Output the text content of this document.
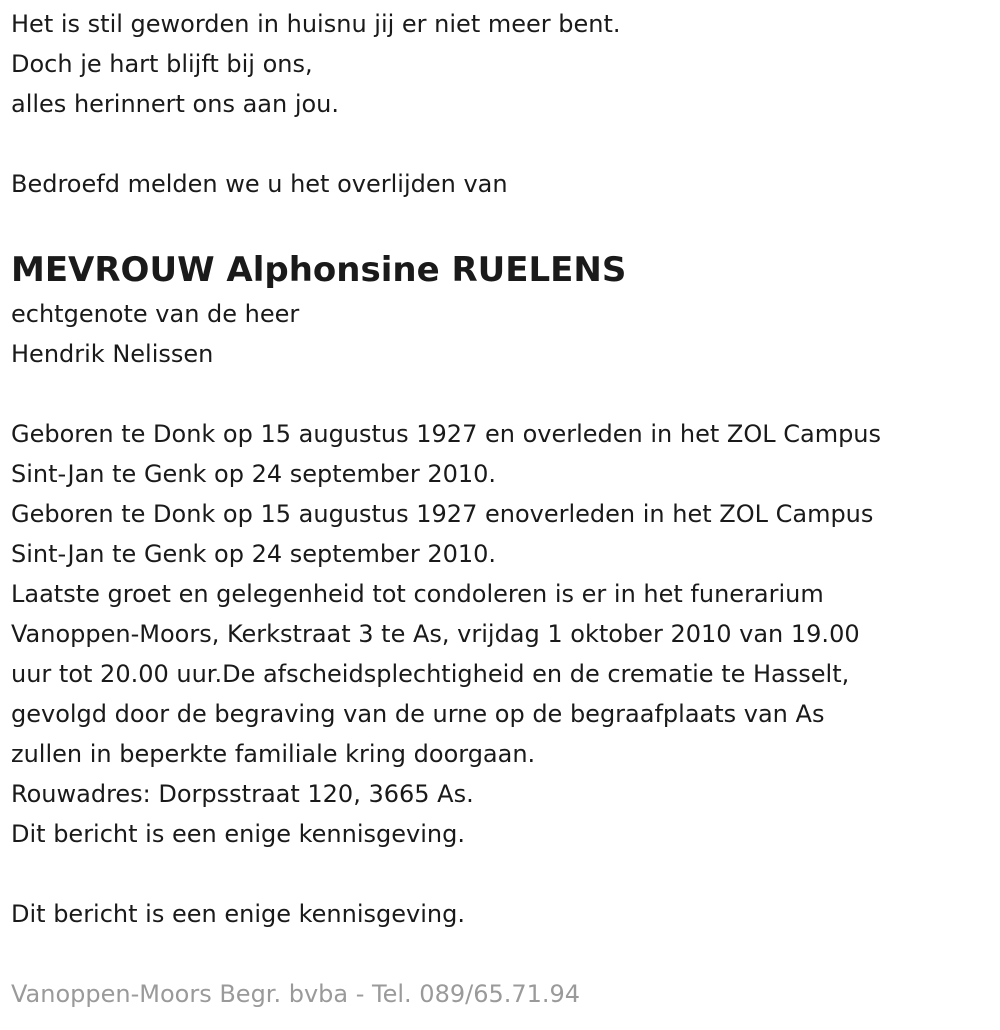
Het is stil geworden in huisnu jij er niet meer bent.
Doch je hart blijft bij ons,
alles herinnert ons aan jou.
Bedroefd melden we u het overlijden van
MEVROUW Alphonsine RUELENS
echtgenote van de heer
Hendrik Nelissen
Geboren te Donk op 15 augustus 1927 en overleden in het ZOL Campus
Sint-Jan te Genk op 24 september 2010.
Geboren te Donk op 15 augustus 1927 enoverleden in het ZOL Campus
Sint-Jan te Genk op 24 september 2010.
Laatste groet en gelegenheid tot condoleren is er in het funerarium
Vanoppen-Moors, Kerkstraat 3 te As, vrijdag 1 oktober 2010 van 19.00
uur tot 20.00 uur.De afscheidsplechtigheid en de crematie te Hasselt,
gevolgd door de begraving van de urne op de begraafplaats van As
zullen in beperkte familiale kring doorgaan.
Rouwadres: Dorpsstraat 120, 3665 As.
Dit bericht is een enige kennisgeving.
Dit bericht is een enige kennisgeving.
Vanoppen-Moors Begr. bvba - Tel. 089/65.71.94
